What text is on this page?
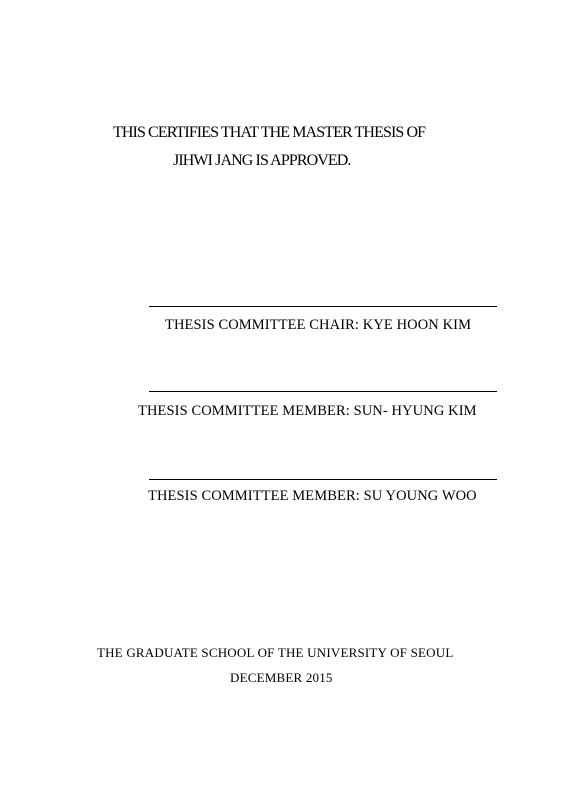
THIS CERTIFIES THAT THE MASTER THESIS OF
JIHWI JANG IS APPROVED.
THESIS COMMITTEE CHAIR: KYE HOON KIM
THESIS COMMITTEE MEMBER: SUN- HYUNG KIM
THESIS COMMITTEE MEMBER: SU YOUNG WOO
THE GRADUATE SCHOOL OF THE UNIVERSITY OF SEOUL
DECEMBER 2015
